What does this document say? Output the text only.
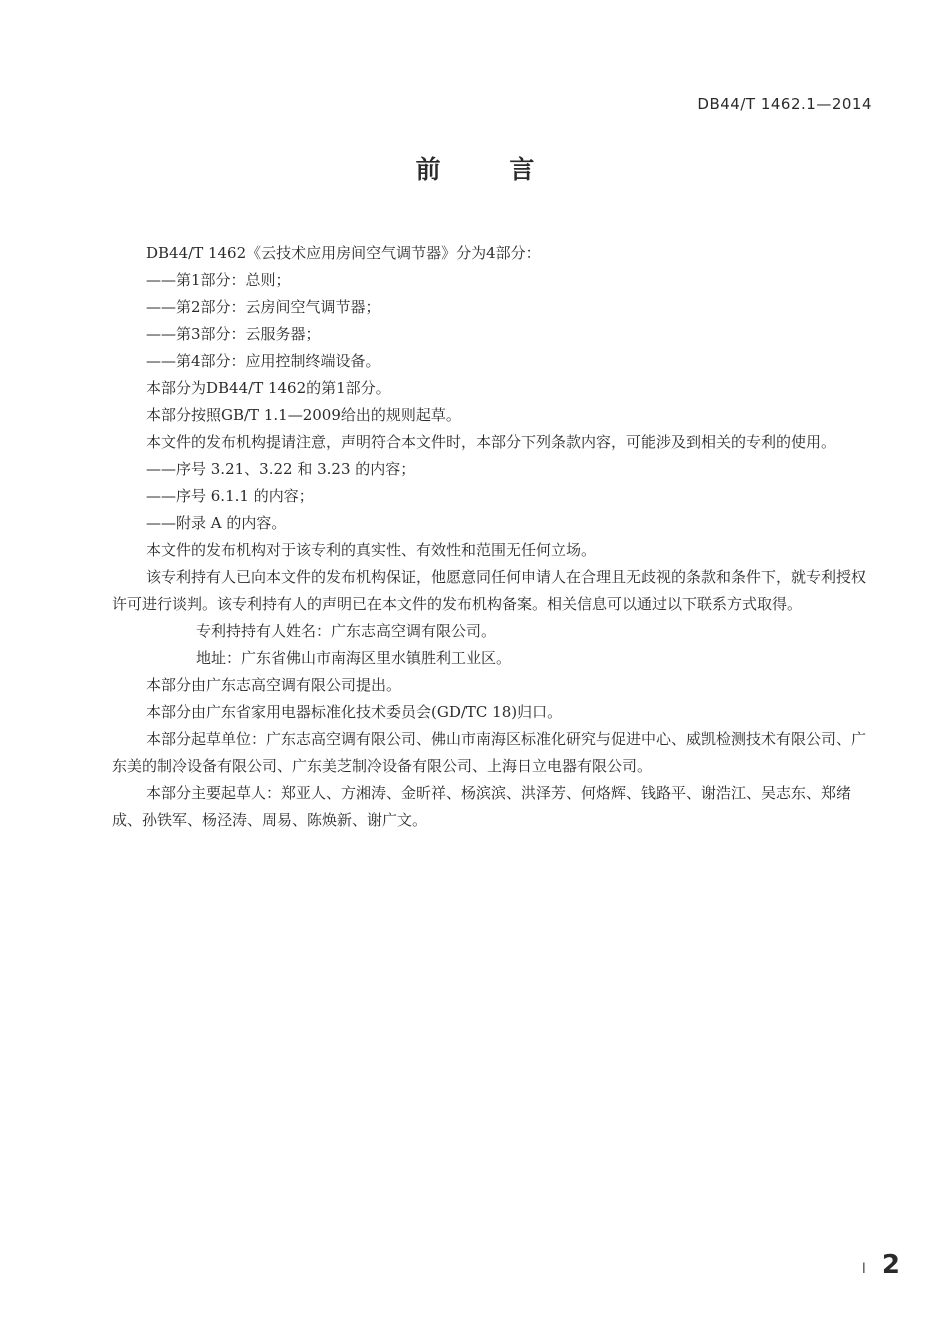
DB44/T 1462.1—2014
前 言

DB44/T 1462《云技术应用房间空气调节器》分为4部分：

——第1部分：总则；

——第2部分：云房间空气调节器；

——第3部分：云服务器；

——第4部分：应用控制终端设备。

本部分为DB44/T 1462的第1部分。

本部分按照GB/T 1.1—2009给出的规则起草。

本文件的发布机构提请注意，声明符合本文件时，本部分下列条款内容，可能涉及到相关的专利的使用。

——序号 3.21、3.22 和 3.23 的内容；

——序号 6.1.1 的内容；

——附录 A 的内容。

本文件的发布机构对于该专利的真实性、有效性和范围无任何立场。

该专利持有人已向本文件的发布机构保证，他愿意同任何申请人在合理且无歧视的条款和条件下，就专利授权许可进行谈判。该专利持有人的声明已在本文件的发布机构备案。相关信息可以通过以下联系方式取得。

专利持持有人姓名：广东志高空调有限公司。

地址：广东省佛山市南海区里水镇胜利工业区。

本部分由广东志高空调有限公司提出。

本部分由广东省家用电器标准化技术委员会(GD/TC 18)归口。

本部分起草单位：广东志高空调有限公司、佛山市南海区标准化研究与促进中心、威凯检测技术有限公司、广东美的制冷设备有限公司、广东美芝制冷设备有限公司、上海日立电器有限公司。

本部分主要起草人：郑亚人、方湘涛、金昕祥、杨滨滨、洪泽芳、何烙辉、钱路平、谢浩江、吴志东、郑绪成、孙铁军、杨泾涛、周易、陈焕新、谢广文。

I 2
